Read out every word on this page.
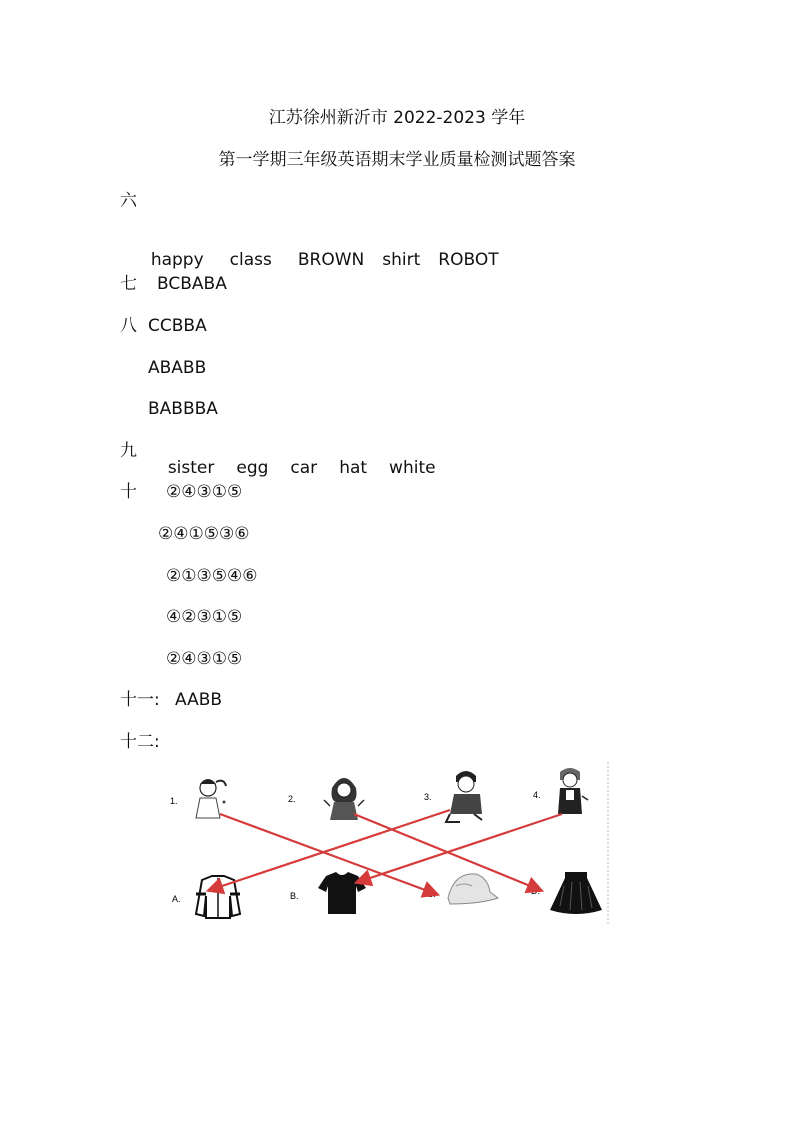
江苏徐州新沂市 2022-2023 学年
第一学期三年级英语期末学业质量检测试题答案
六

happy class BROWN shirt ROBOT

七 BCBABA
八 CCBBA
ABABB
BABBBA
九

sister egg car hat white

十 ②④③①⑤
②④①⑤③⑥
②①③⑤④⑥
④②③①⑤
②④③①⑤
十一: AABB
十二:
1.	2.	3.	4.
A.	B.	C.	D.
